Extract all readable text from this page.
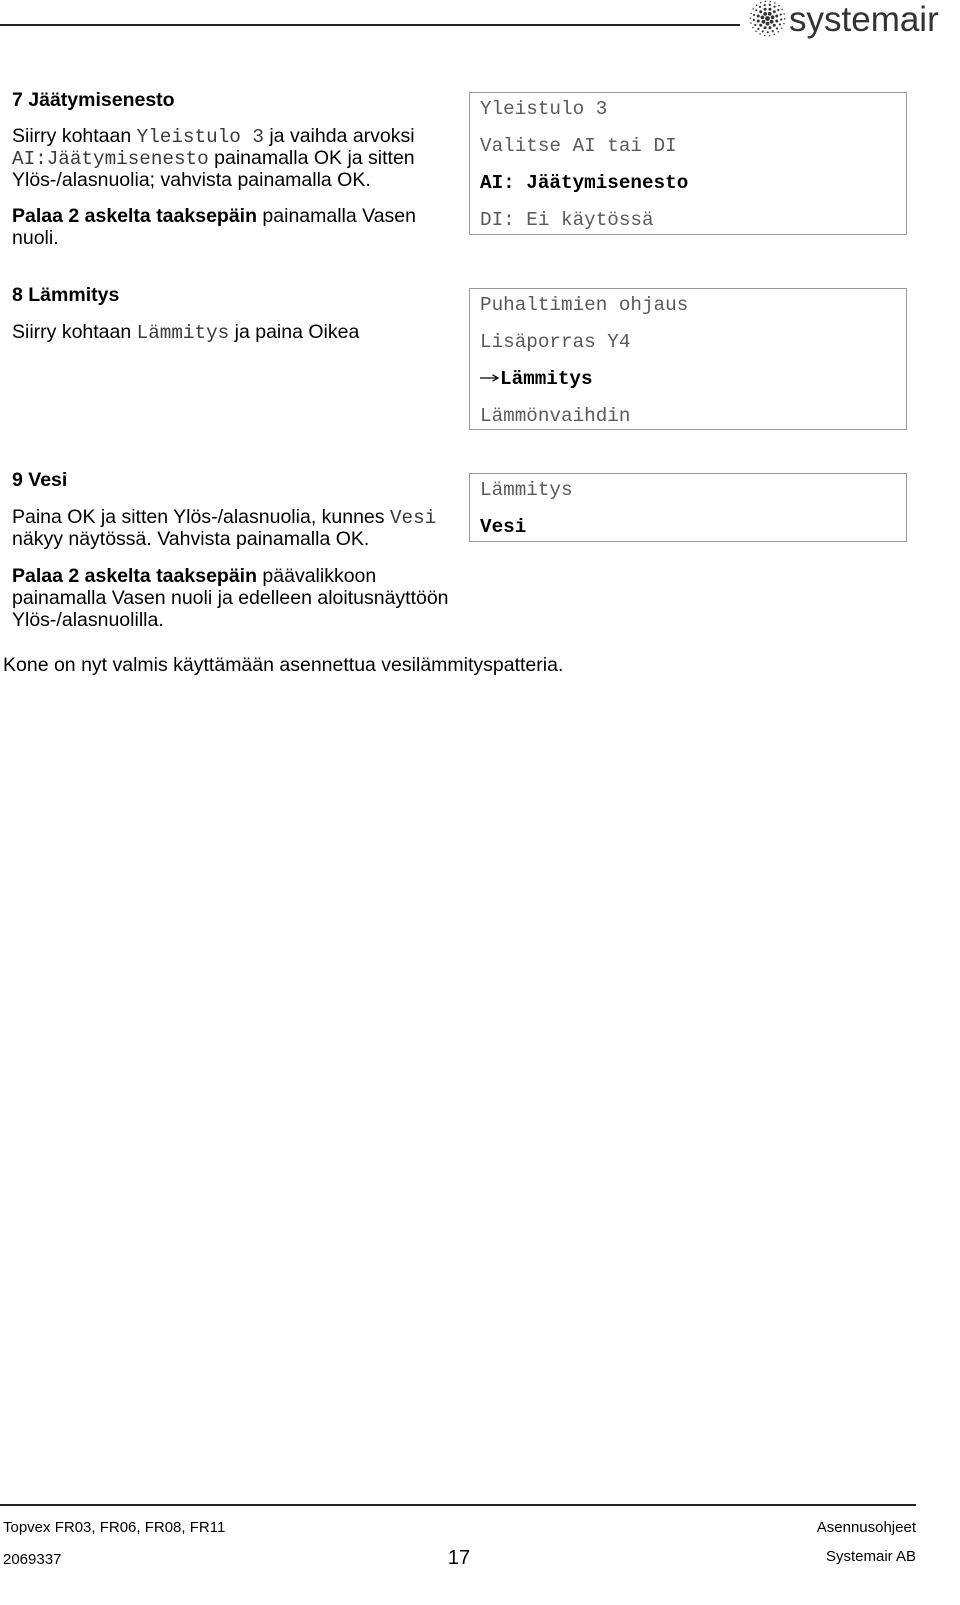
systemair
7 Jäätymisenesto
Siirry kohtaan Yleistulo 3 ja vaihda arvoksi
AI:Jäätymisenesto painamalla OK ja sitten
Ylös-/alasnuolia; vahvista painamalla OK.
Palaa 2 askelta taaksepäin painamalla Vasen
nuoli.
Yleistulo 3
Valitse AI tai DI
AI: Jäätymisenesto
DI: Ei käytössä
8 Lämmitys
Siirry kohtaan Lämmitys ja paina Oikea
Puhaltimien ohjaus
Lisäporras Y4
Lämmitys
Lämmönvaihdin
9 Vesi
Paina OK ja sitten Ylös-/alasnuolia, kunnes Vesi
näkyy näytössä. Vahvista painamalla OK.
Palaa 2 askelta taaksepäin päävalikkoon
painamalla Vasen nuoli ja edelleen aloitusnäyttöön
Ylös-/alasnuolilla.
Lämmitys
Vesi
Kone on nyt valmis käyttämään asennettua vesilämmityspatteria.
Topvex FR03, FR06, FR08, FR11	Asennusohjeet
2069337	17	Systemair AB
